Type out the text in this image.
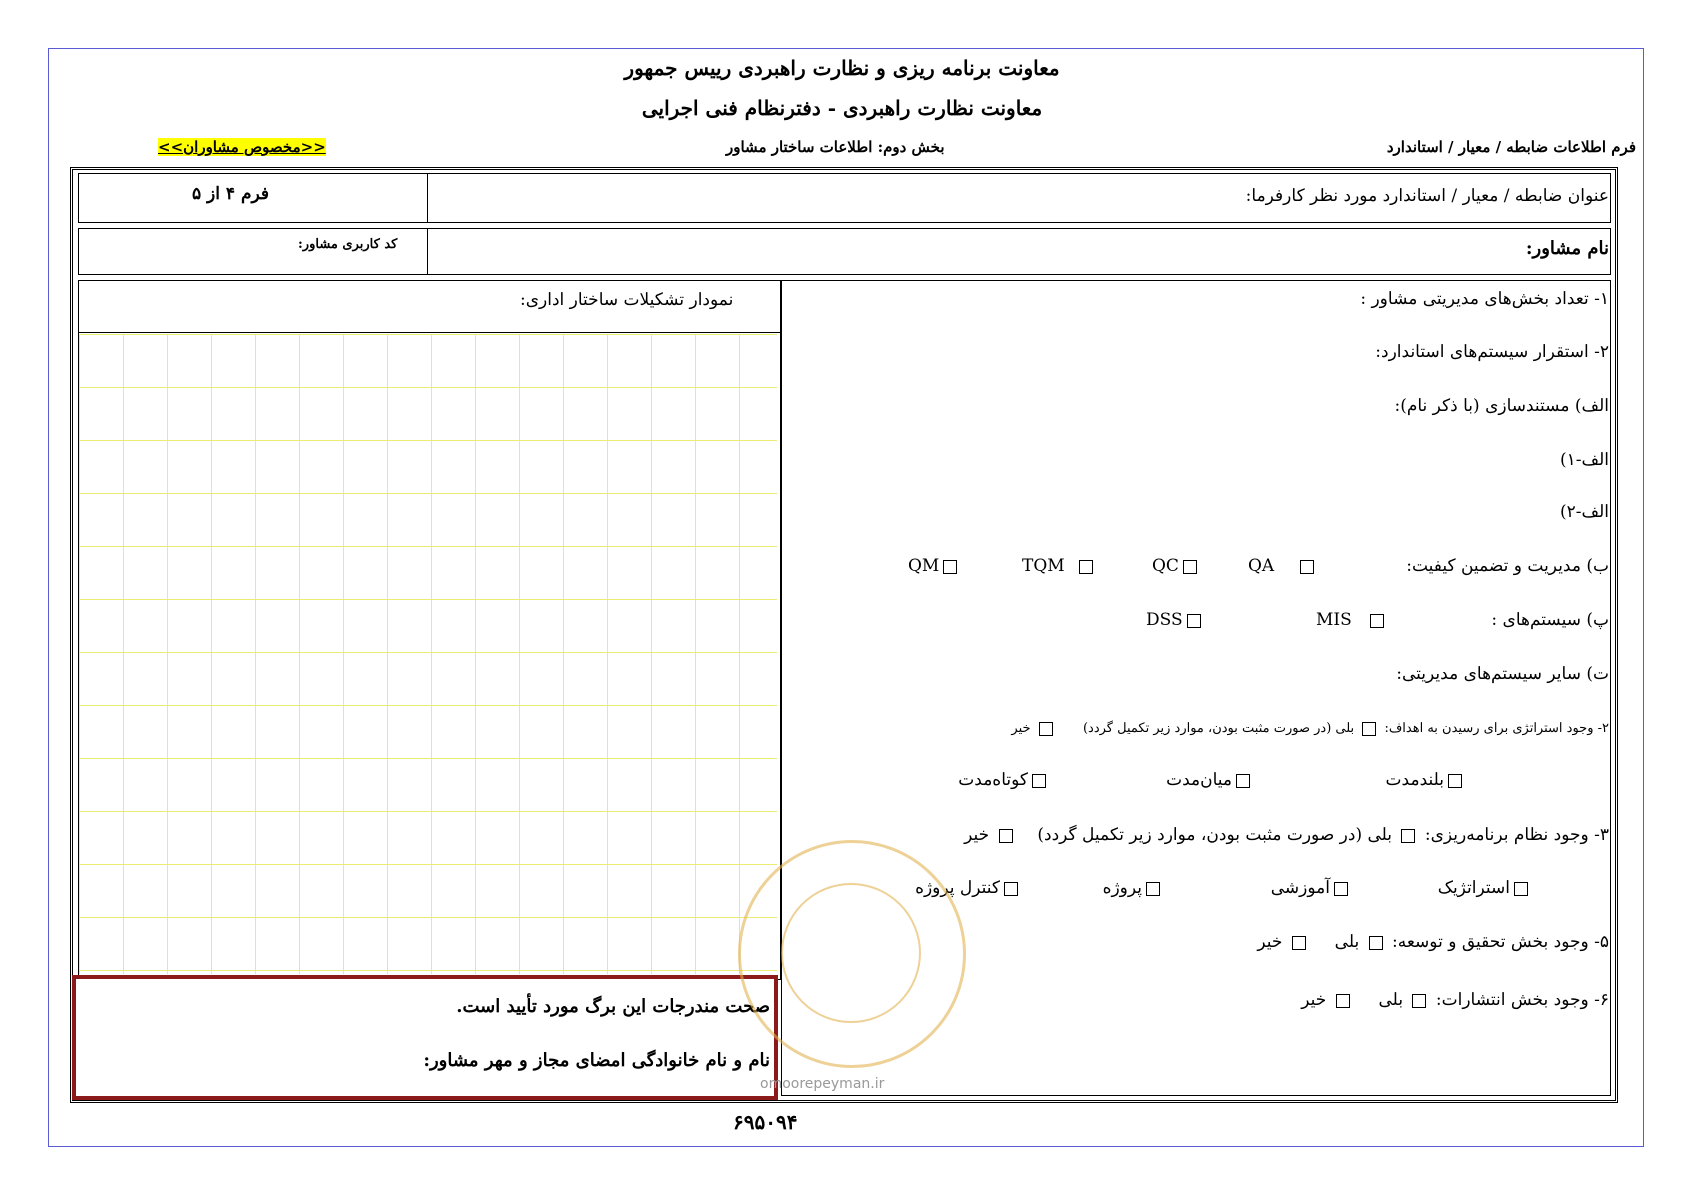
معاونت برنامه ریزی و نظارت راهبردی رییس جمهور
معاونت نظارت راهبردی - دفترنظام فنی اجرایی
فرم اطلاعات ضابطه / معیار / استاندارد
بخش دوم: اطلاعات ساختار مشاور
<<مخصوص مشاوران>>
عنوان ضابطه / معیار / استاندارد مورد نظر کارفرما:
فرم ۴ از ۵
نام مشاور:
کد کاربری مشاور:
نمودار تشکیلات ساختار اداری:	۱- تعداد بخش‌های مدیریتی مشاور :
۲- استقرار سیستم‌های استاندارد:
الف) مستندسازی (با ذکر نام):
الف-۱)
الف-۲)
ب) مدیریت و تضمین کیفیت:
QA
QC
TQM
QM
پ) سیستم‌های :
MIS
DSS
ت) سایر سیستم‌های مدیریتی:
۲- وجود استراتژی برای رسیدن به اهداف:  بلی (در صورت مثبت بودن، موارد زیر تکمیل گردد)   خیر
بلندمدت
میان‌مدت
کوتاه‌مدت
۳- وجود نظام برنامه‌ریزی:  بلی (در صورت مثبت بودن، موارد زیر تکمیل گردد)   خیر
استراتژیک
آموزشی
پروژه
کنترل پروژه
۵- وجود بخش تحقیق و توسعه:  بلی   خیر
۶- وجود بخش انتشارات:  بلی   خیر
صحت مندرجات این برگ مورد تأیید است.
نام و نام خانوادگی امضای مجاز و مهر مشاور:
omoorepeyman.ir
۶۹۵۰۹۴
